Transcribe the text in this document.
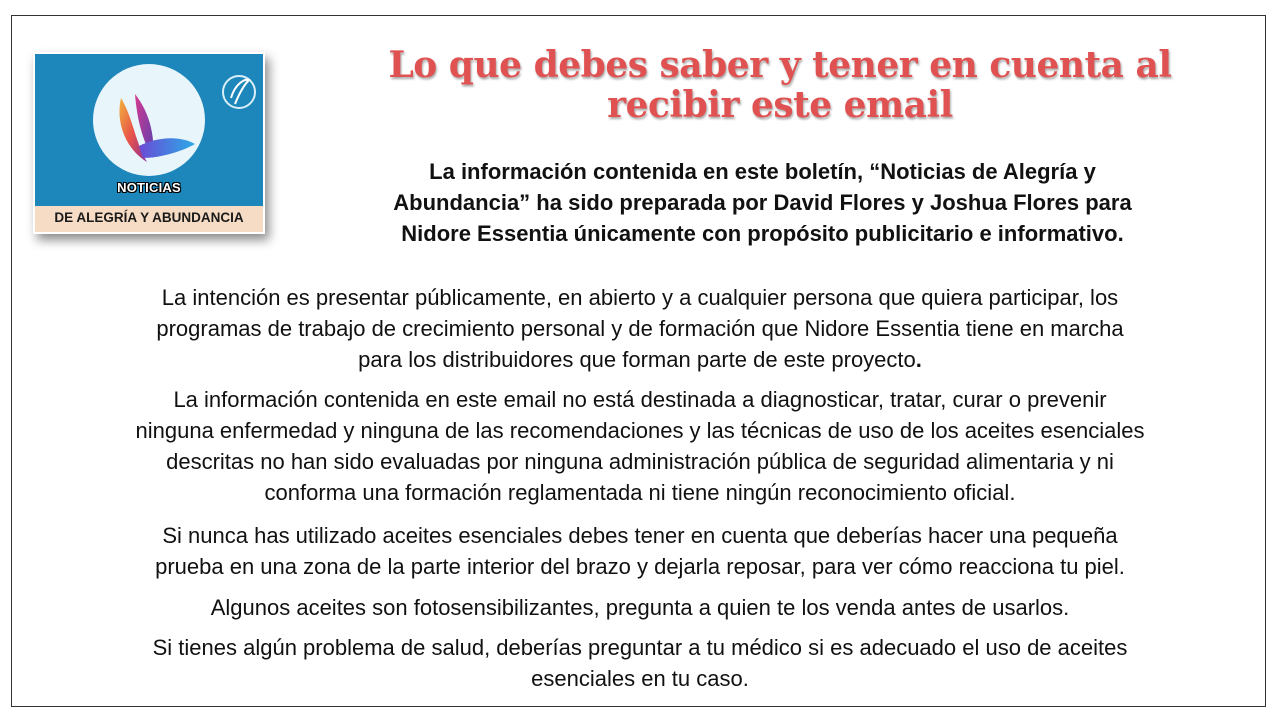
NOTICIAS
DE ALEGRÍA Y ABUNDANCIA
Lo que debes saber y tener en cuenta al
recibir este email
La información contenida en este boletín, “Noticias de Alegría y
Abundancia” ha sido preparada por David Flores y Joshua Flores para
Nidore Essentia únicamente con propósito publicitario e informativo.
La intención es presentar públicamente, en abierto y a cualquier persona que quiera participar, los
programas de trabajo de crecimiento personal y de formación que Nidore Essentia tiene en marcha
para los distribuidores que forman parte de este proyecto.
La información contenida en este email no está destinada a diagnosticar, tratar, curar o prevenir
ninguna enfermedad y ninguna de las recomendaciones y las técnicas de uso de los aceites esenciales
descritas no han sido evaluadas por ninguna administración pública de seguridad alimentaria y ni
conforma una formación reglamentada ni tiene ningún reconocimiento oficial.
Si nunca has utilizado aceites esenciales debes tener en cuenta que deberías hacer una pequeña
prueba en una zona de la parte interior del brazo y dejarla reposar, para ver cómo reacciona tu piel.
Algunos aceites son fotosensibilizantes, pregunta a quien te los venda antes de usarlos.
Si tienes algún problema de salud, deberías preguntar a tu médico si es adecuado el uso de aceites
esenciales en tu caso.
